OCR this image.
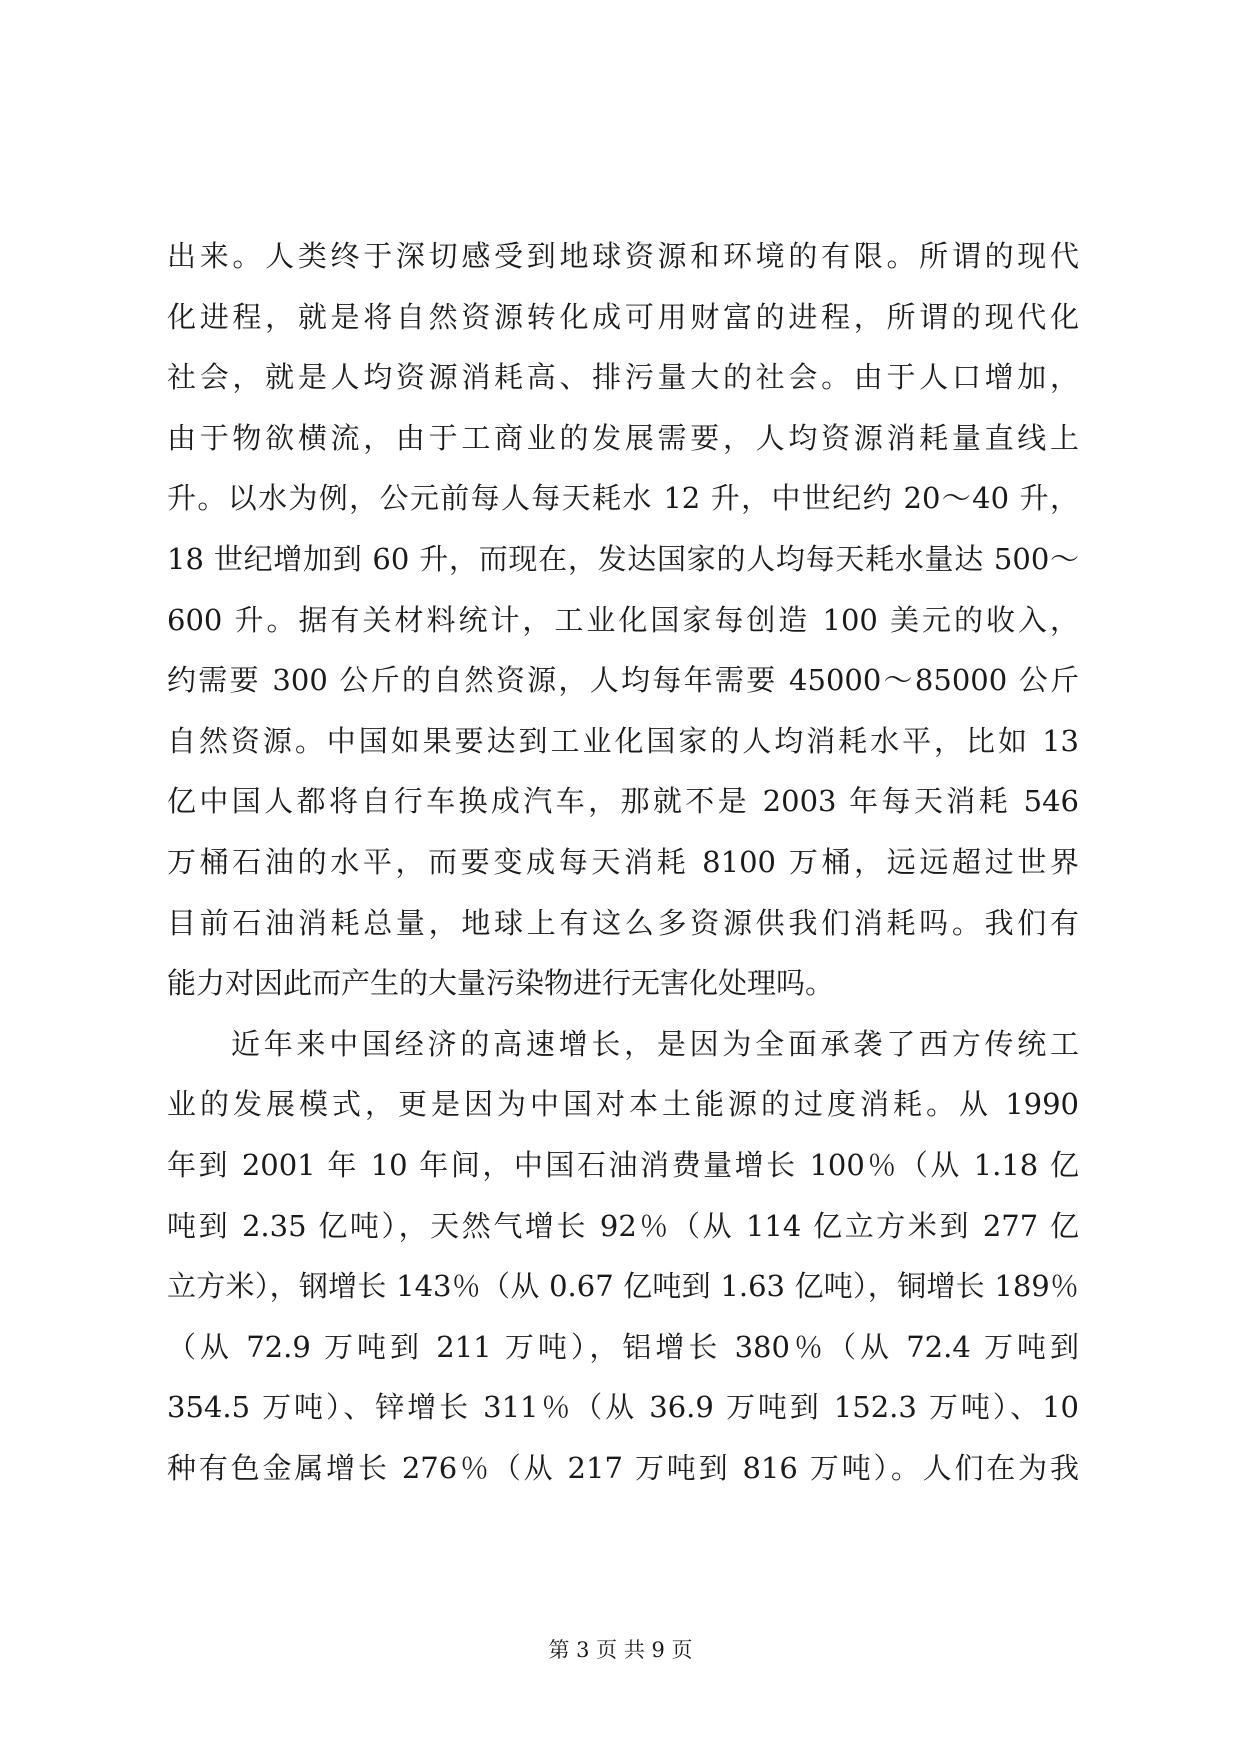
出来。人类终于深切感受到地球资源和环境的有限。所谓的现代
化进程，就是将自然资源转化成可用财富的进程，所谓的现代化
社会，就是人均资源消耗高、排污量大的社会。由于人口增加，
由于物欲横流，由于工商业的发展需要，人均资源消耗量直线上
升。以水为例，公元前每人每天耗水 12 升，中世纪约 20～40 升，
18 世纪增加到 60 升，而现在，发达国家的人均每天耗水量达 500～
600 升。据有关材料统计，工业化国家每创造 100 美元的收入，
约需要 300 公斤的自然资源，人均每年需要 45000～85000 公斤
自然资源。中国如果要达到工业化国家的人均消耗水平，比如 13
亿中国人都将自行车换成汽车，那就不是 2003 年每天消耗 546
万桶石油的水平，而要变成每天消耗 8100 万桶，远远超过世界
目前石油消耗总量，地球上有这么多资源供我们消耗吗。我们有
能力对因此而产生的大量污染物进行无害化处理吗。
近年来中国经济的高速增长，是因为全面承袭了西方传统工
业的发展模式，更是因为中国对本土能源的过度消耗。从 1990
年到 2001 年 10 年间，中国石油消费量增长 100％（从 1.18 亿
吨到 2.35 亿吨），天然气增长 92％（从 114 亿立方米到 277 亿
立方米），钢增长 143％（从 0.67 亿吨到 1.63 亿吨），铜增长 189％
（从 72.9 万吨到 211 万吨），铝增长 380％（从 72.4 万吨到
354.5 万吨）、锌增长 311％（从 36.9 万吨到 152.3 万吨）、10
种有色金属增长 276％（从 217 万吨到 816 万吨）。人们在为我
第 3 页 共 9 页
